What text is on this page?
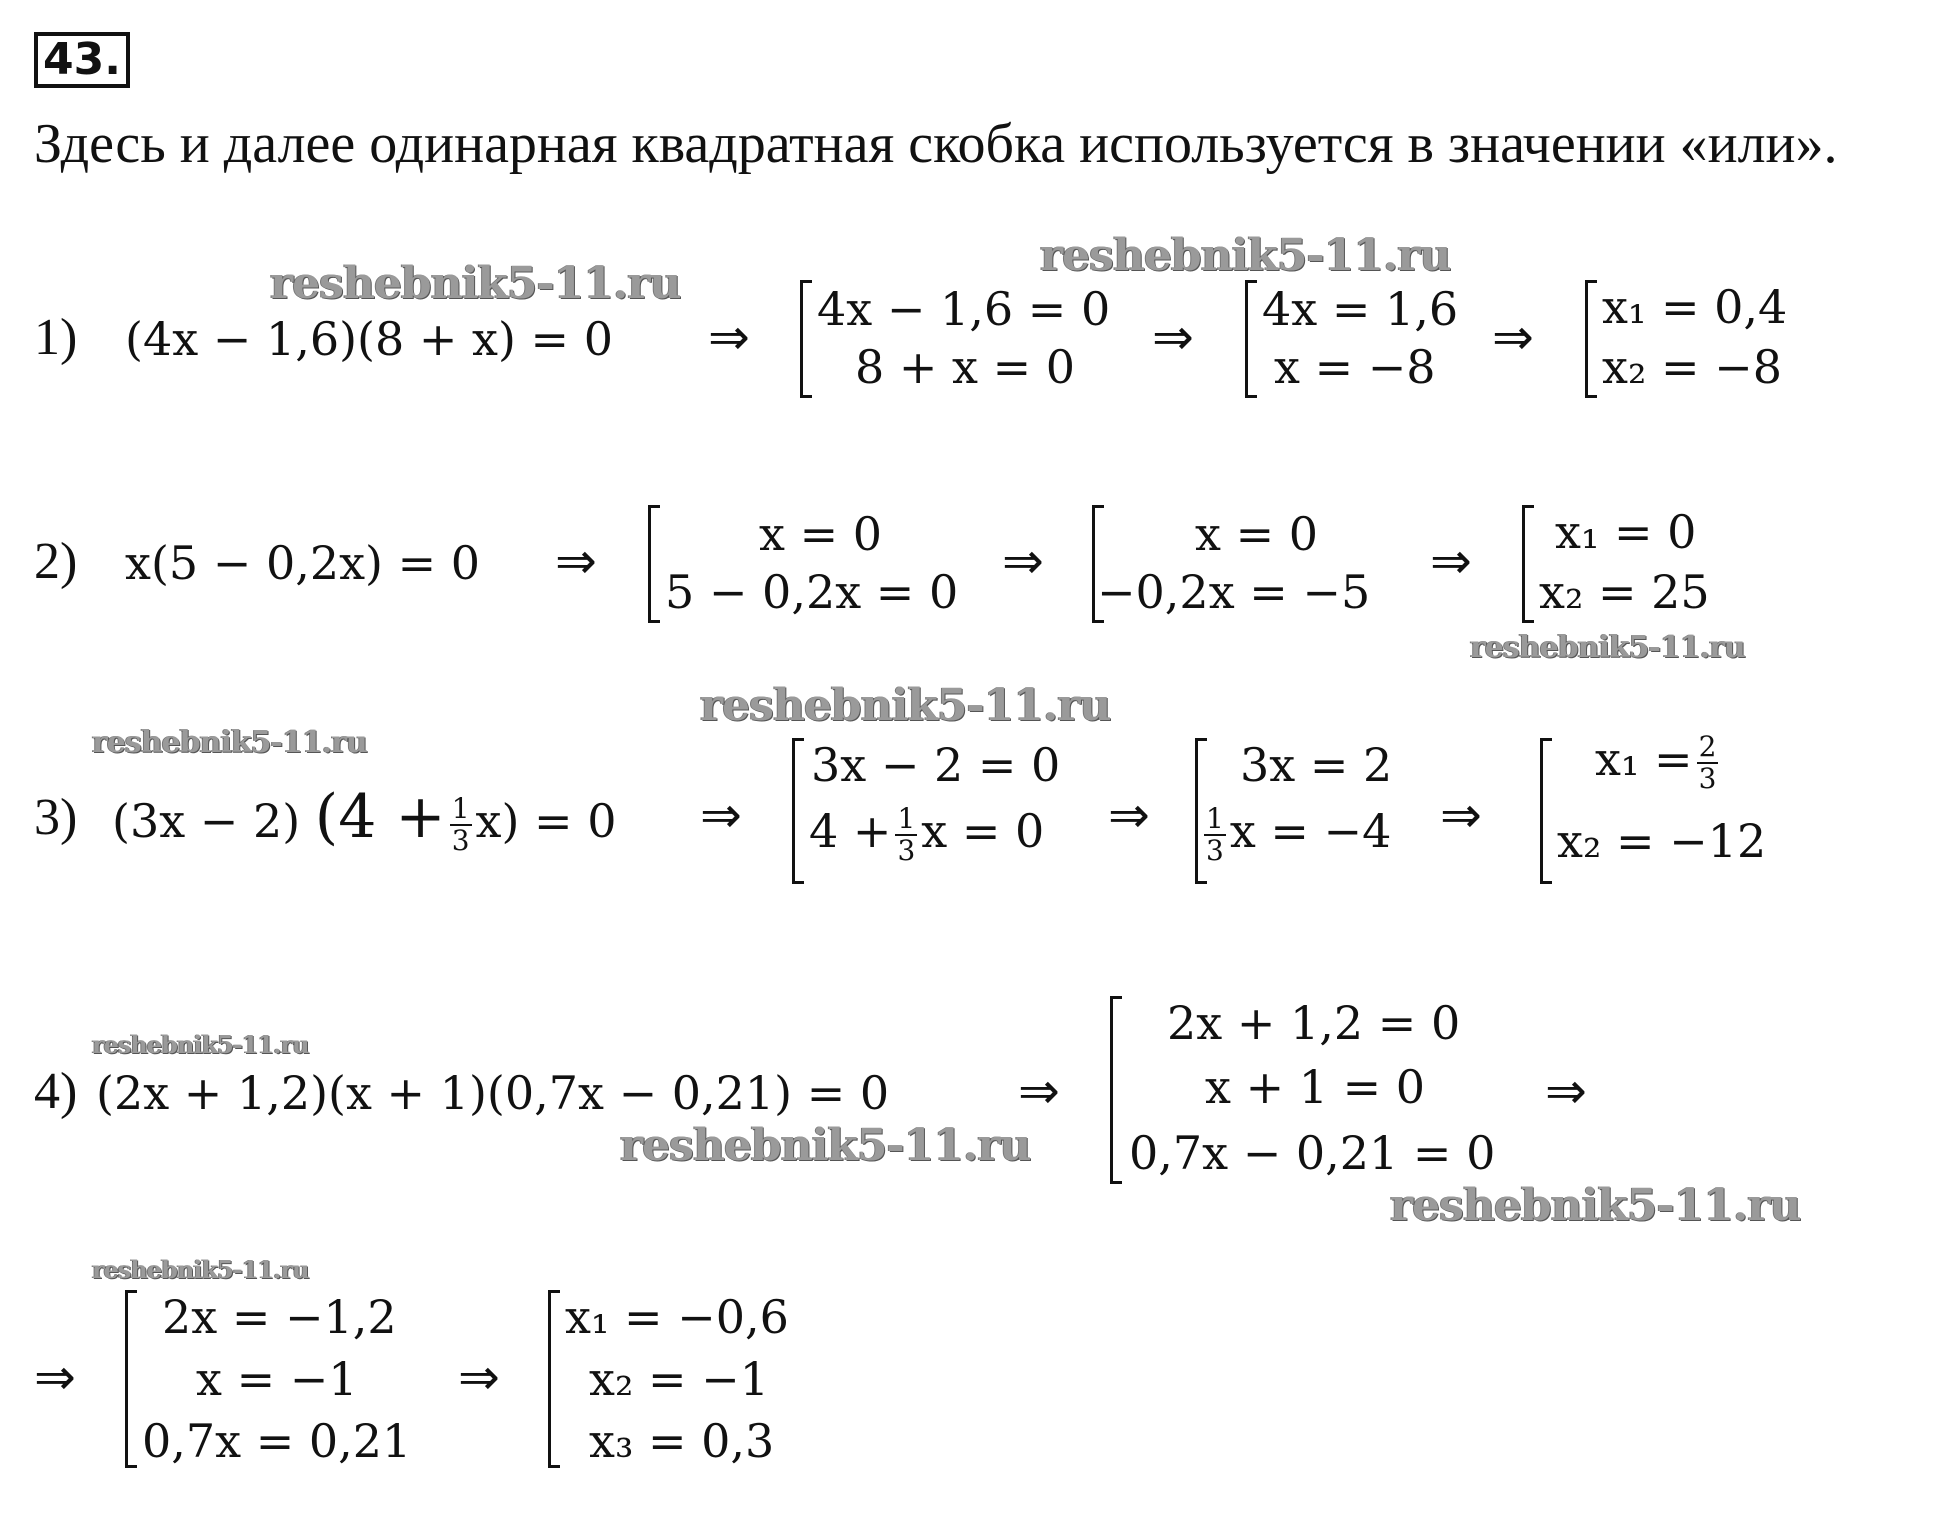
43.
Здесь и далее одинарная квадратная скобка используется в значении «или».
reshebnik5-11.ru
reshebnik5-11.ru
reshebnik5-11.ru
reshebnik5-11.ru
reshebnik5-11.ru
reshebnik5-11.ru
reshebnik5-11.ru
reshebnik5-11.ru
reshebnik5-11.ru
1) (4x − 1,6)(8 + x) = 0 ⇒ 4x − 1,6 = 0
8 + x = 0
⇒ 4x = 1,6
x = −8
⇒
x₁ = 0,4
x₂ = −8
2) x(5 − 0,2x) = 0 ⇒	x = 0
5 − 0,2x = 0
⇒	x = 0
−0,2x = −5
⇒ x₁ = 0
x₂ = 25
3) (3x − 2) $(4 + \frac{1}{3} x) = 0$ ⇒
3x − 2 = 0
$4 + \frac{1}{3}$ x = 0 ⇒
3x = 2
$\frac{1}{3}$ x = −4 ⇒
$x_1 = \frac{2}{3}$
x₂ = −12
4) (2x + 1,2)(x + 1)(0,7x − 0,21) = 0	⇒
2x + 1,2 = 0
x + 1 = 0
0,7x − 0,21 = 0
⇒
⇒
2x = −1,2
x = −1
0,7x = 0,21
⇒
x₁ = −0,6
x₂ = −1
x₃ = 0,3
